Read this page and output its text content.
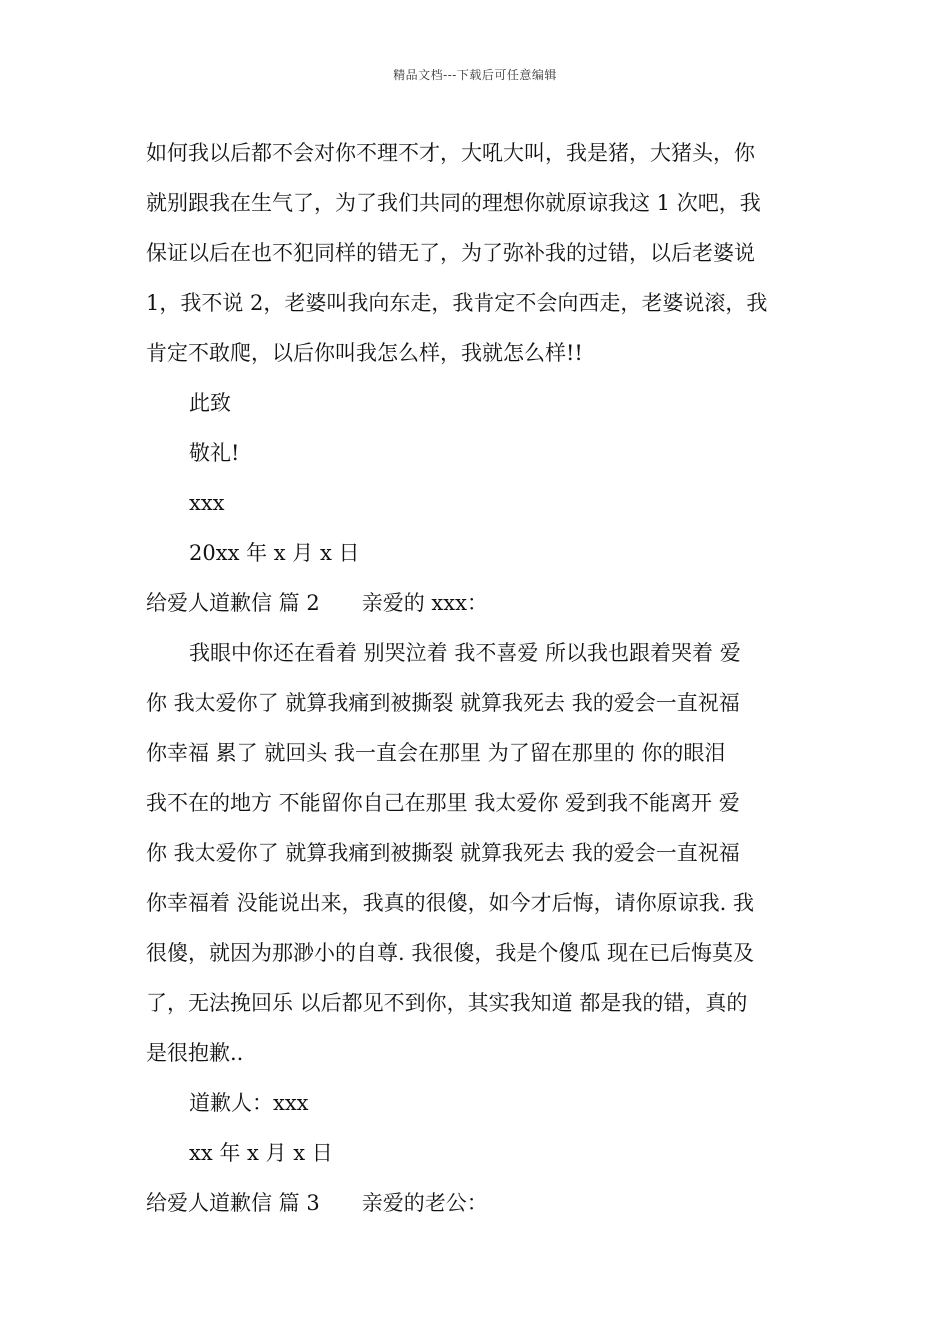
精品文档---下载后可任意编辑
如何我以后都不会对你不理不才，大吼大叫，我是猪，大猪头，你
就别跟我在生气了，为了我们共同的理想你就原谅我这 1 次吧，我
保证以后在也不犯同样的错无了，为了弥补我的过错，以后老婆说
1，我不说 2，老婆叫我向东走，我肯定不会向西走，老婆说滚，我
肯定不敢爬，以后你叫我怎么样，我就怎么样!!
此致
敬礼!
xxx
20xx 年 x 月 x 日
给爱人道歉信 篇 2 亲爱的 xxx：
我眼中你还在看着 别哭泣着 我不喜爱 所以我也跟着哭着 爱
你 我太爱你了 就算我痛到被撕裂 就算我死去 我的爱会一直祝福
你幸福 累了 就回头 我一直会在那里 为了留在那里的 你的眼泪
我不在的地方 不能留你自己在那里 我太爱你 爱到我不能离开 爱
你 我太爱你了 就算我痛到被撕裂 就算我死去 我的爱会一直祝福
你幸福着 没能说出来，我真的很傻，如今才后悔，请你原谅我. 我
很傻，就因为那渺小的自尊. 我很傻，我是个傻瓜 现在已后悔莫及
了，无法挽回乐 以后都见不到你，其实我知道 都是我的错，真的
是很抱歉..
道歉人：xxx
xx 年 x 月 x 日
给爱人道歉信 篇 3 亲爱的老公：
